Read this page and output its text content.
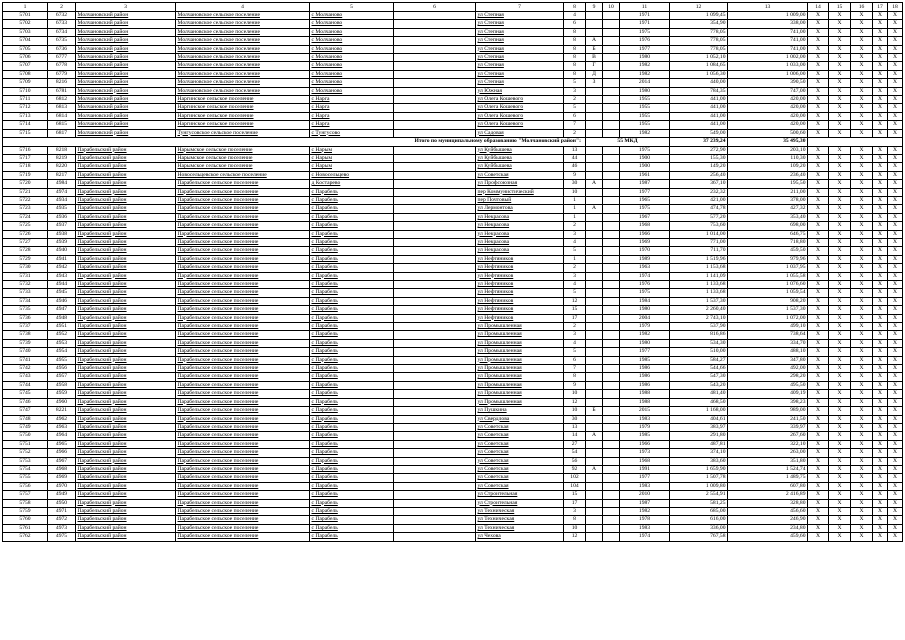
1	2	3	4	5	6	7	8	9	10	11	12	13	14	15	16	17	18
5701	6732	Молчановский район	Молчановское сельское поселение	с Молчаново		ул Степная	4			1971	1 099,45	1 009,00	X	X	X	X	X
5702	6733	Молчановский район	Молчановское сельское поселение	с Молчаново		ул Степная	6			1971	354,90	338,00	X	X	X	X	X
5703	6734	Молчановский район	Молчановское сельское поселение	с Молчаново		ул Степная	8			1975	778,05	741,00	X	X	X	X	X
5704	6735	Молчановский район	Молчановское сельское поселение	с Молчаново		ул Степная	8	А		1976	778,05	741,00	X	X	X	X	X
5705	6736	Молчановский район	Молчановское сельское поселение	с Молчаново		ул Степная	8	Б		1977	778,05	741,00	X	X	X	X	X
5706	6777	Молчановский район	Молчановское сельское поселение	с Молчаново		ул Степная	8	В		1980	1 052,10	1 002,00	X	X	X	X	X
5707	6778	Молчановский район	Молчановское сельское поселение	с Молчаново		ул Степная	8	Г		1982	1 084,65	1 033,00	X	X	X	X	X
5708	6779	Молчановский район	Молчановское сельское поселение	с Молчаново		ул Степная	8	Д		1982	1 056,30	1 006,00	X	X	X	X	X
5709	8216	Молчановский район	Молчановское сельское поселение	с Молчаново		ул Степная	5	З		2014	440,00	390,50	X	X	X	X	X
5710	6781	Молчановский район	Молчановское сельское поселение	с Молчаново		ул Южная	3			1980	784,35	747,00	X	X	X	X	X
5711	6812	Молчановский район	Наргинское сельское поселение	с Нарга		ул Олега Кошевого	2			1955	441,00	420,00	X	X	X	X	X
5712	6813	Молчановский район	Наргинское сельское поселение	с Нарга		ул Олега Кошевого	5			1955	441,00	420,00	X	X	X	X	X
5713	6814	Молчановский район	Наргинское сельское поселение	с Нарга		ул Олега Кошевого	6			1955	441,00	420,00	X	X	X	X	X
5714	6815	Молчановский район	Наргинское сельское поселение	с Нарга		ул Олега Кошевого	7			1955	441,00	420,00	X	X	X	X	X
5715	6817	Молчановский район	Тунгусовское сельское поселение	с Тунгусово		ул Садовая	2			1982	549,00	500,60	X	X	X	X	X
Итого по муниципальному образованию "Молчановский район":								55 МКД			37 239,24	35 495,30					
5716	8218	Парабельский район	Нарымское сельское поселение	с Нарым		ул Куйбышева	13			1975	272,90	203,10	X	X	X	X	X
5717	8219	Парабельский район	Нарымское сельское поселение	с Нарым		ул Куйбышева	44			1900	155,30	110,30	X	X	X	X	X
5718	8220	Парабельский район	Нарымское сельское поселение	с Нарым		ул Куйбышева	46			1900	149,20	109,20	X	X	X	X	X
5719	8217	Парабельский район	Новосельцевское сельское поселение	с Новосельцево		ул Советская	9			1961	256,40	236,40	X	X	X	X	X
5720	4984	Парабельский район	Парабельское сельское поселение	д Костарево		ул Профсоюзная	30	А		1987	367,10	195,50	X	X	X	X	X
5721	4974	Парабельский район	Парабельское сельское поселение	с Парабель		пер Коммунистический	10			1977	232,32	211,00	X	X	X	X	X
5722	4934	Парабельский район	Парабельское сельское поселение	с Парабель		пер Почтовый	1			1965	421,00	378,00	X	X	X	X	X
5723	4935	Парабельский район	Парабельское сельское поселение	с Парабель		ул Лермонтова	1	А		1975	474,78	427,32	X	X	X	X	X
5724	4936	Парабельский район	Парабельское сельское поселение	с Парабель		ул Некрасова	1			1967	577,20	353,40	X	X	X	X	X
5725	4937	Парабельский район	Парабельское сельское поселение	с Парабель		ул Некрасова	2			1968	753,60	698,00	X	X	X	X	X
5726	4938	Парабельский район	Парабельское сельское поселение	с Парабель		ул Некрасова	3			1966	1 014,00	646,75	X	X	X	X	X
5727	4939	Парабельский район	Парабельское сельское поселение	с Парабель		ул Некрасова	4			1969	771,00	718,80	X	X	X	X	X
5728	4940	Парабельский район	Парабельское сельское поселение	с Парабель		ул Некрасова	5			1970	711,70	459,50	X	X	X	X	X
5729	4941	Парабельский район	Парабельское сельское поселение	с Парабель		ул Нефтяников	1			1989	1 519,96	979,96	X	X	X	X	X
5730	4942	Парабельский район	Парабельское сельское поселение	с Парабель		ул Нефтяников	2			1963	1 153,68	1 037,95	X	X	X	X	X
5731	4943	Парабельский район	Парабельское сельское поселение	с Парабель		ул Нефтяников	3			1974	1 141,09	1 055,58	X	X	X	X	X
5732	4944	Парабельский район	Парабельское сельское поселение	с Парабель		ул Нефтяников	4			1976	1 133,68	1 076,60	X	X	X	X	X
5733	4945	Парабельский район	Парабельское сельское поселение	с Парабель		ул Нефтяников	5			1975	1 133,68	1 059,54	X	X	X	X	X
5734	4946	Парабельский район	Парабельское сельское поселение	с Парабель		ул Нефтяников	12			1984	1 537,30	908,20	X	X	X	X	X
5735	4947	Парабельский район	Парабельское сельское поселение	с Парабель		ул Нефтяников	15			1980	2 260,40	1 537,30	X	X	X	X	X
5736	4948	Парабельский район	Парабельское сельское поселение	с Парабель		ул Нефтяников	17			2004	2 743,10	1 072,00	X	X	X	X	X
5737	4951	Парабельский район	Парабельское сельское поселение	с Парабель		ул Промышленная	2			1979	537,90	499,10	X	X	X	X	X
5738	4952	Парабельский район	Парабельское сельское поселение	с Парабель		ул Промышленная	3			1982	816,86	738,64	X	X	X	X	X
5739	4953	Парабельский район	Парабельское сельское поселение	с Парабель		ул Промышленная	4			1980	534,30	334,70	X	X	X	X	X
5740	4954	Парабельский район	Парабельское сельское поселение	с Парабель		ул Промышленная	5			1977	510,00	488,10	X	X	X	X	X
5741	4955	Парабельский район	Парабельское сельское поселение	с Парабель		ул Промышленная	6			1985	584,27	347,80	X	X	X	X	X
5742	4956	Парабельский район	Парабельское сельское поселение	с Парабель		ул Промышленная	7			1986	544,66	492,00	X	X	X	X	X
5743	4957	Парабельский район	Парабельское сельское поселение	с Парабель		ул Промышленная	8			1986	547,30	298,20	X	X	X	X	X
5744	4958	Парабельский район	Парабельское сельское поселение	с Парабель		ул Промышленная	9			1986	543,20	495,50	X	X	X	X	X
5745	4959	Парабельский район	Парабельское сельское поселение	с Парабель		ул Промышленная	10			1988	481,40	409,19	X	X	X	X	X
5746	4960	Парабельский район	Парабельское сельское поселение	с Парабель		ул Промышленная	12			1988	468,50	398,23	X	X	X	X	X
5747	8221	Парабельский район	Парабельское сельское поселение	с Парабель		ул Пушкина	10	Б		2015	1 168,00	989,00	X	X	X	X	X
5748	4962	Парабельский район	Парабельское сельское поселение	с Парабель		ул Свердлова	30			1983	404,61	241,50	X	X	X	X	X
5749	4963	Парабельский район	Парабельское сельское поселение	с Парабель		ул Советская	13			1979	383,97	339,97	X	X	X	X	X
5750	4964	Парабельский район	Парабельское сельское поселение	с Парабель		ул Советская	14	А		1985	291,80	267,60	X	X	X	X	X
5751	4965	Парабельский район	Парабельское сельское поселение	с Парабель		ул Советская	27			1966	487,81	322,10	X	X	X	X	X
5752	4966	Парабельский район	Парабельское сельское поселение	с Парабель		ул Советская	54			1973	374,10	263,00	X	X	X	X	X
5753	4967	Парабельский район	Парабельское сельское поселение	с Парабель		ул Советская	56			1968	383,60	351,80	X	X	X	X	X
5754	4968	Парабельский район	Парабельское сельское поселение	с Парабель		ул Советская	92	А		1991	1 659,90	1 524,74	X	X	X	X	X
5755	4969	Парабельский район	Парабельское сельское поселение	с Парабель		ул Советская	102			1977	1 507,78	1 489,75	X	X	X	X	X
5756	4970	Парабельский район	Парабельское сельское поселение	с Парабель		ул Советская	104			1983	1 009,80	607,80	X	X	X	X	X
5757	4949	Парабельский район	Парабельское сельское поселение	с Парабель		ул Строительная	15			2010	2 554,91	2 416,89	X	X	X	X	X
5758	4950	Парабельский район	Парабельское сельское поселение	с Парабель		ул Строительная	17			1987	581,25	328,80	X	X	X	X	X
5759	4971	Парабельский район	Парабельское сельское поселение	с Парабель		ул Техническая	3			1982	685,00	456,60	X	X	X	X	X
5760	4972	Парабельский район	Парабельское сельское поселение	с Парабель		ул Техническая	8			1978	616,00	246,90	X	X	X	X	X
5761	4973	Парабельский район	Парабельское сельское поселение	с Парабель		ул Техническая	10			1983	336,00	234,80	X	X	X	X	X
5762	4975	Парабельский район	Парабельское сельское поселение	с Парабель		ул Чехова	12			1974	767,58	459,60	X	X	X	X	X
